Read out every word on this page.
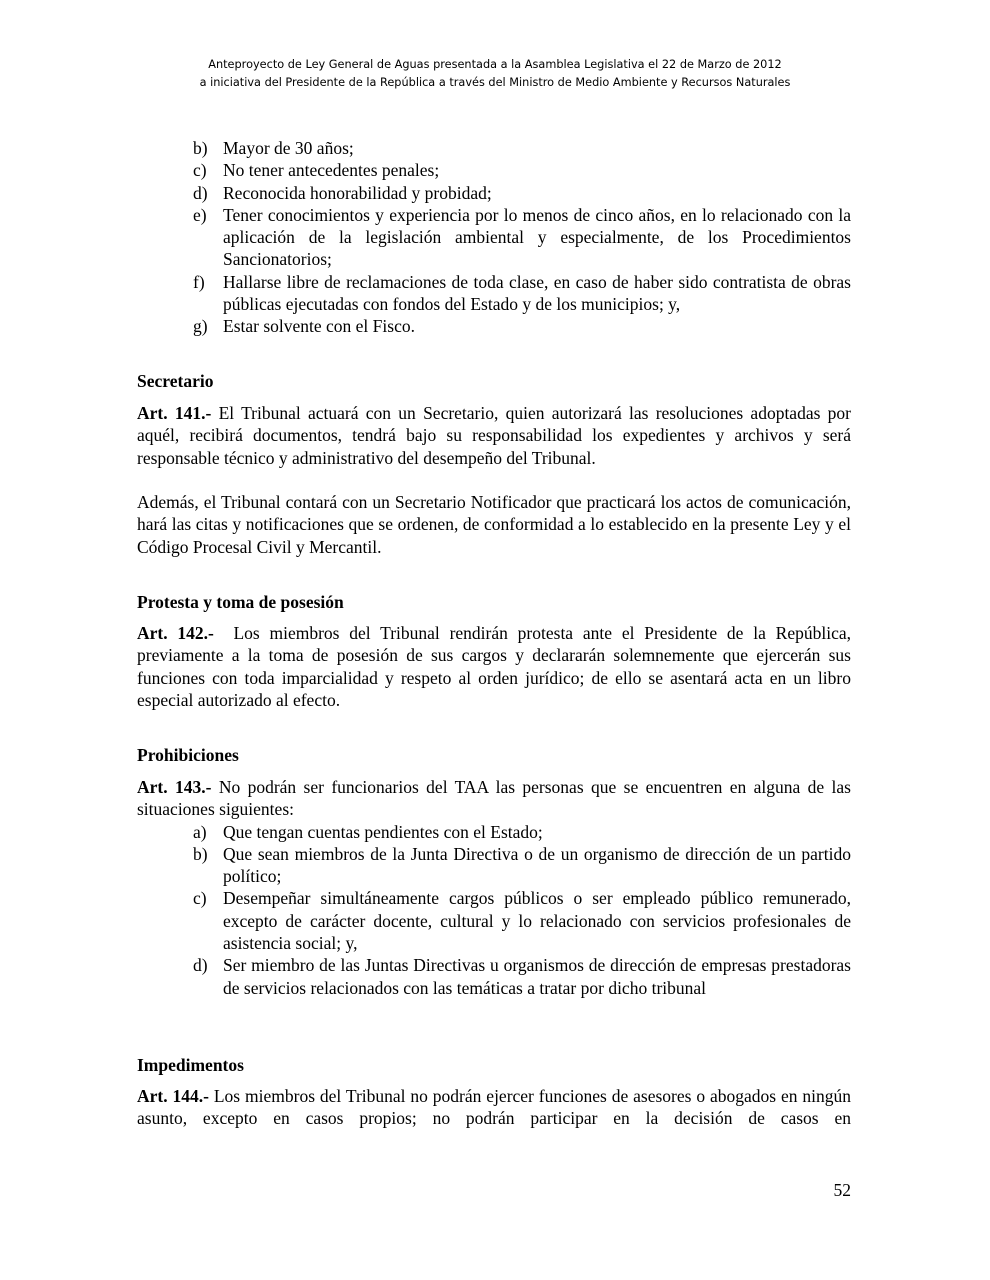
Anteproyecto de Ley General de Aguas presentada a la Asamblea Legislativa el 22 de Marzo de 2012
a iniciativa del Presidente de la República a través del Ministro de Medio Ambiente y Recursos Naturales
b) Mayor de 30 años;
c) No tener antecedentes penales;
d) Reconocida honorabilidad y probidad;
e) Tener conocimientos y experiencia por lo menos de cinco años, en lo relacionado con la aplicación de la legislación ambiental y especialmente, de los Procedimientos Sancionatorios;
f) Hallarse libre de reclamaciones de toda clase, en caso de haber sido contratista de obras públicas ejecutadas con fondos del Estado y de los municipios; y,
g) Estar solvente con el Fisco.
Secretario
Art. 141.- El Tribunal actuará con un Secretario, quien autorizará las resoluciones adoptadas por aquél, recibirá documentos, tendrá bajo su responsabilidad los expedientes y archivos y será responsable técnico y administrativo del desempeño del Tribunal.
Además, el Tribunal contará con un Secretario Notificador que practicará los actos de comunicación, hará las citas y notificaciones que se ordenen, de conformidad a lo establecido en la presente Ley y el Código Procesal Civil y Mercantil.
Protesta y toma de posesión
Art. 142.-  Los miembros del Tribunal rendirán protesta ante el Presidente de la República, previamente a la toma de posesión de sus cargos y declararán solemnemente que ejercerán sus funciones con toda imparcialidad y respeto al orden jurídico; de ello se asentará acta en un libro especial autorizado al efecto.
Prohibiciones
Art. 143.- No podrán ser funcionarios del TAA las personas que se encuentren en alguna de las situaciones siguientes:
a) Que tengan cuentas pendientes con el Estado;
b) Que sean miembros de la Junta Directiva o de un organismo de dirección de un partido político;
c) Desempeñar simultáneamente cargos públicos o ser empleado público remunerado, excepto de carácter docente, cultural y lo relacionado con servicios profesionales de asistencia social; y,
d) Ser miembro de las Juntas Directivas u organismos de dirección de empresas prestadoras de servicios relacionados con las temáticas a tratar por dicho tribunal
Impedimentos
Art. 144.- Los miembros del Tribunal no podrán ejercer funciones de asesores o abogados en ningún asunto, excepto en casos propios; no podrán participar en la decisión de casos en
52
